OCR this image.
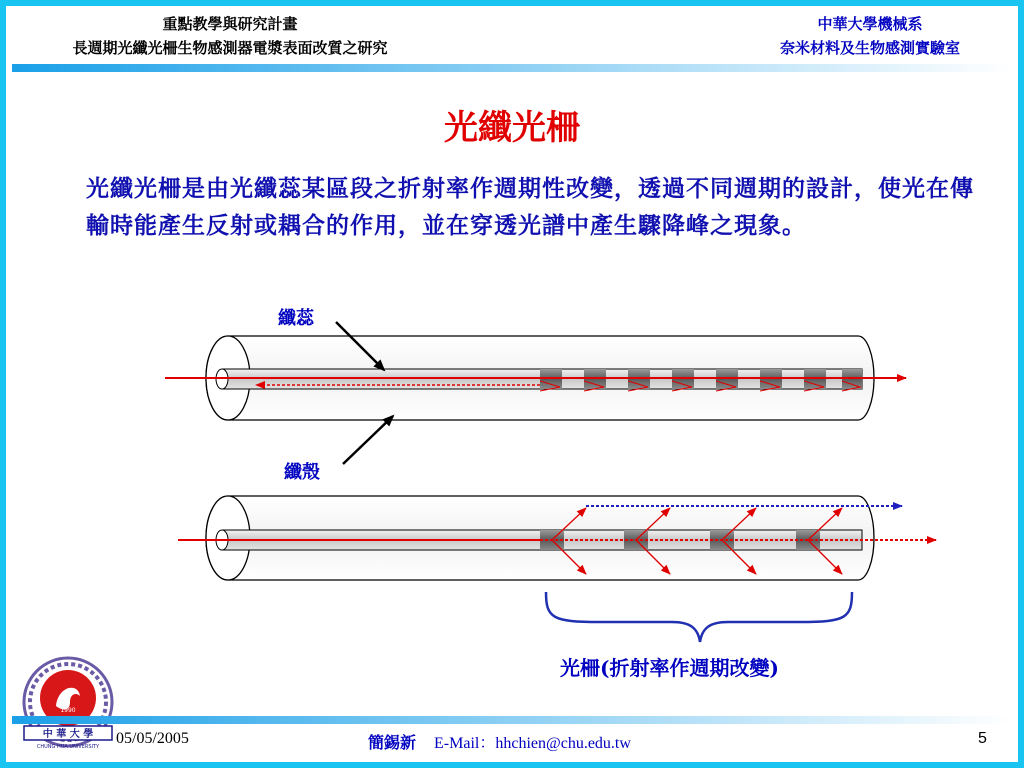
重點教學與研究計畫
長週期光纖光柵生物感測器電漿表面改質之研究
中華大學機械系
奈米材料及生物感測實驗室
光纖光柵
光纖光柵是由光纖蕊某區段之折射率作週期性改變，透過不同週期的設計，使光在傳輸時能產生反射或耦合的作用，並在穿透光譜中產生驟降峰之現象。
纖蕊
纖殼
光柵(折射率作週期改變)
1990
中 華 大 學
CHUNG HUA UNIVERSITY 05/05/2005	簡錫新 E-Mail：hhchien@chu.edu.tw	5
